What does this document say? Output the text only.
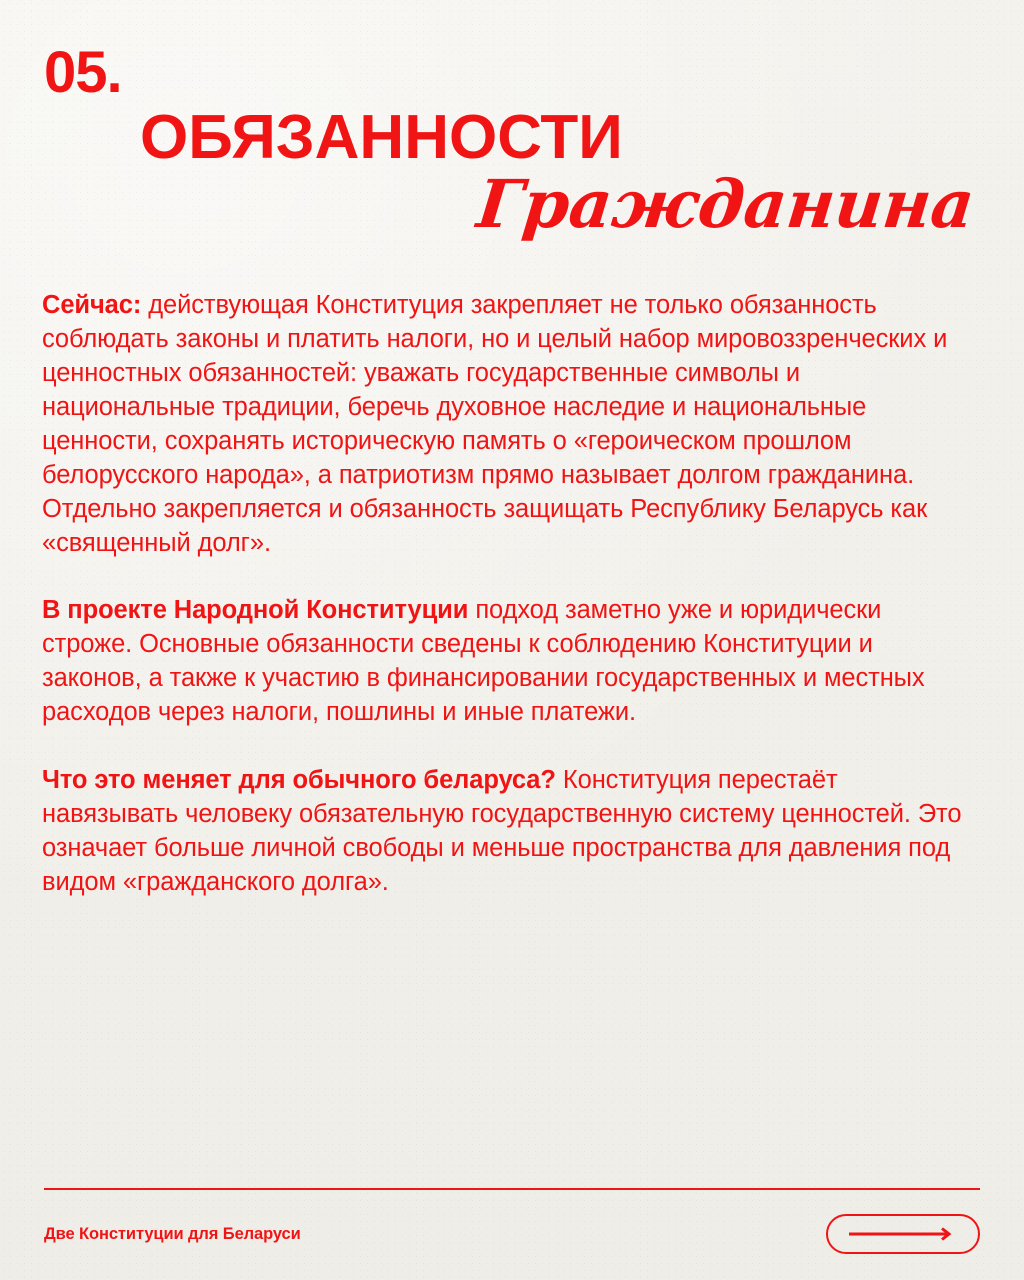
05.
ОБЯЗАННОСТИ
Гражданина

Сейчас: действующая Конституция закрепляет не только обязанность соблюдать законы и платить налоги, но и целый набор мировоззренческих и ценностных обязанностей: уважать государственные символы и национальные традиции, беречь духовное наследие и национальные ценности, сохранять историческую память о «героическом прошлом белорусского народа», а патриотизм прямо называет долгом гражданина. Отдельно закрепляется и обязанность защищать Республику Беларусь как «священный долг».

В проекте Народной Конституции подход заметно уже и юридически строже. Основные обязанности сведены к соблюдению Конституции и законов, а также к участию в финансировании государственных и местных расходов через налоги, пошлины и иные платежи.

Что это меняет для обычного беларуса? Конституция перестаёт навязывать человеку обязательную государственную систему ценностей. Это означает больше личной свободы и меньше пространства для давления под видом «гражданского долга».

Две Конституции для Беларуси
